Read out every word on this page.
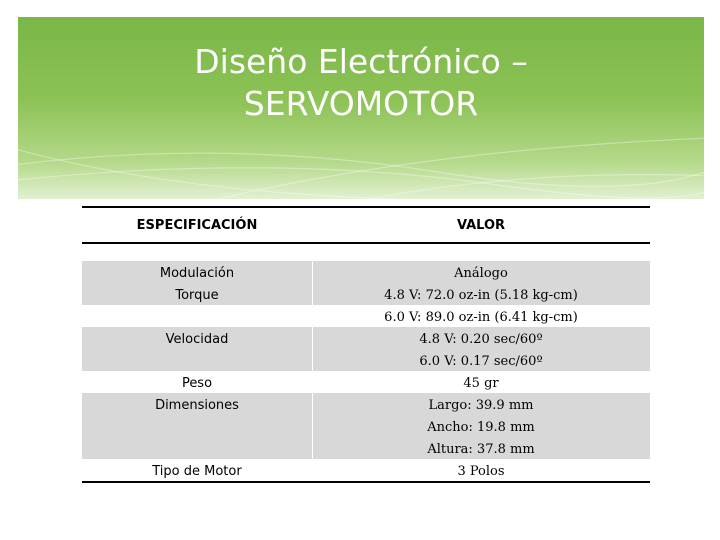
Diseño Electrónico –
SERVOMOTOR
ESPECIFICACIÓN	VALOR
Modulación
Torque
Velocidad
Peso
Dimensiones
Tipo de Motor
Análogo
4.8 V: 72.0 oz-in (5.18 kg-cm)
6.0 V: 89.0 oz-in (6.41 kg-cm)
4.8 V: 0.20 sec/60º
6.0 V: 0.17 sec/60º
45 gr
Largo: 39.9 mm
Ancho: 19.8 mm
Altura: 37.8 mm
3 Polos
